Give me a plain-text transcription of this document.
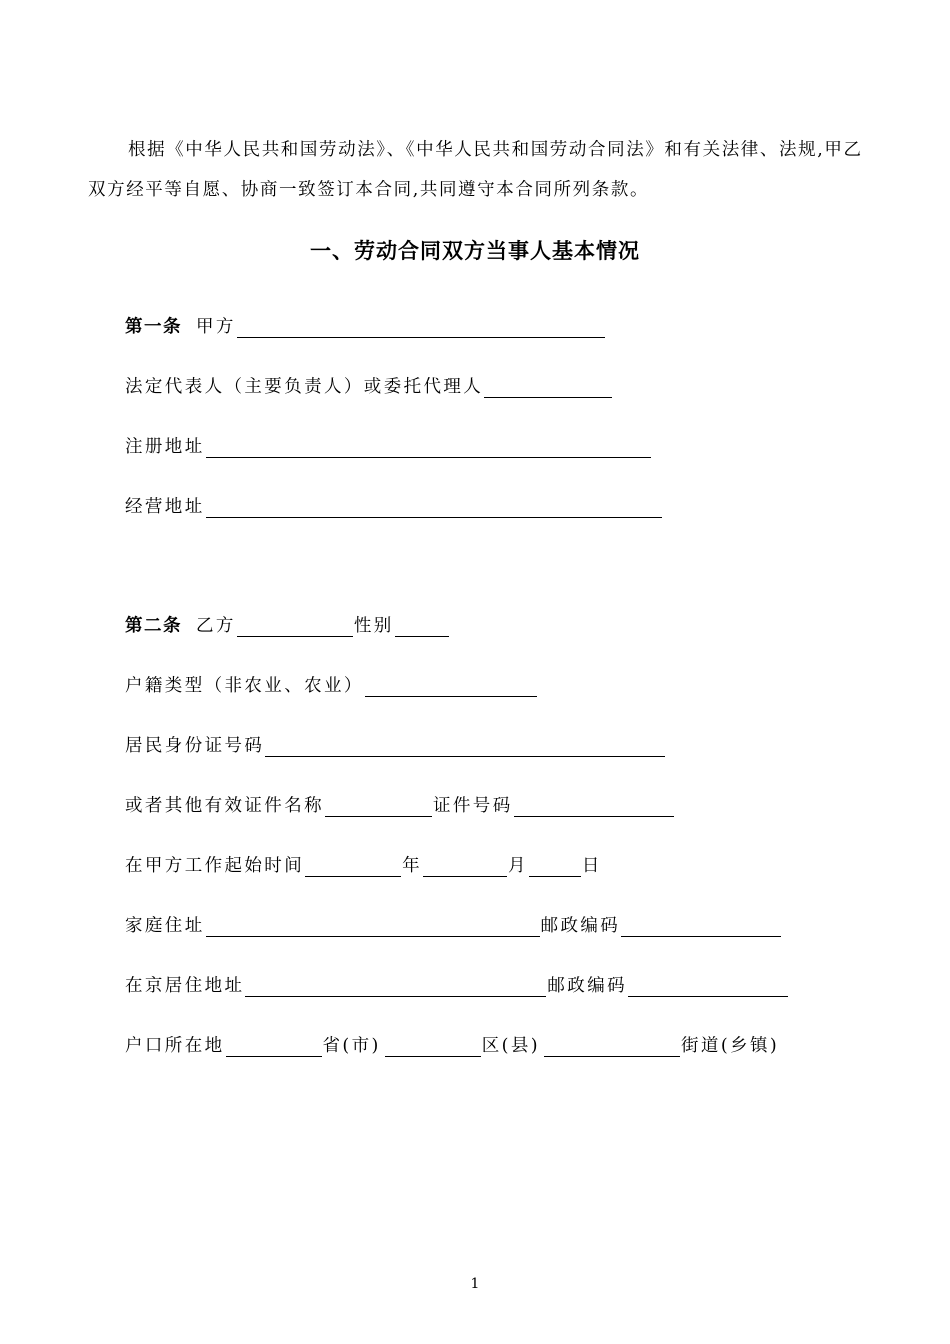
根据《中华人民共和国劳动法》、《中华人民共和国劳动合同法》和有关法律、法规,甲乙双方经平等自愿、协商一致签订本合同,共同遵守本合同所列条款。

一、劳动合同双方当事人基本情况
第一条 甲方
法定代表人（主要负责人）或委托代理人
注册地址
经营地址
第二条 乙方	性别
户籍类型（非农业、农业）
居民身份证号码
或者其他有效证件名称	证件号码
在甲方工作起始时间	年	月	日
家庭住址	邮政编码
在京居住地址	邮政编码
户口所在地	省(市)	区(县)	街道(乡镇)
1
